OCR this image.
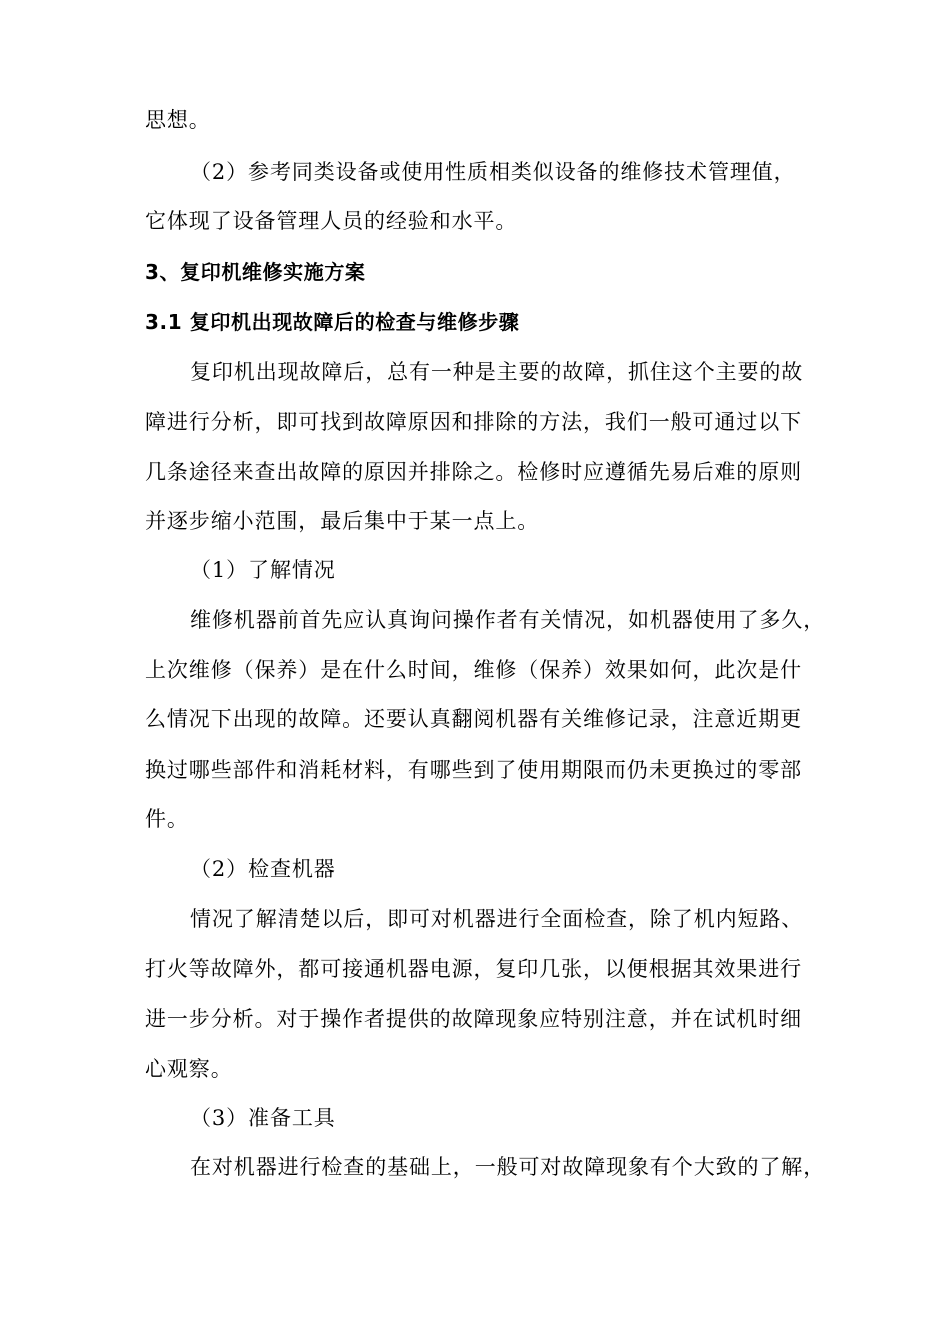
思想。
（2）参考同类设备或使用性质相类似设备的维修技术管理值，
它体现了设备管理人员的经验和水平。
3、复印机维修实施方案
3.1 复印机出现故障后的检查与维修步骤
复印机出现故障后，总有一种是主要的故障，抓住这个主要的故
障进行分析，即可找到故障原因和排除的方法，我们一般可通过以下
几条途径来查出故障的原因并排除之。检修时应遵循先易后难的原则
并逐步缩小范围，最后集中于某一点上。
（1）了解情况
维修机器前首先应认真询问操作者有关情况，如机器使用了多久，
上次维修（保养）是在什么时间，维修（保养）效果如何，此次是什
么情况下出现的故障。还要认真翻阅机器有关维修记录，注意近期更
换过哪些部件和消耗材料，有哪些到了使用期限而仍未更换过的零部
件。
（2）检查机器
情况了解清楚以后，即可对机器进行全面检查，除了机内短路、
打火等故障外，都可接通机器电源，复印几张，以便根据其效果进行
进一步分析。对于操作者提供的故障现象应特别注意，并在试机时细
心观察。
（3）准备工具
在对机器进行检查的基础上，一般可对故障现象有个大致的了解，
